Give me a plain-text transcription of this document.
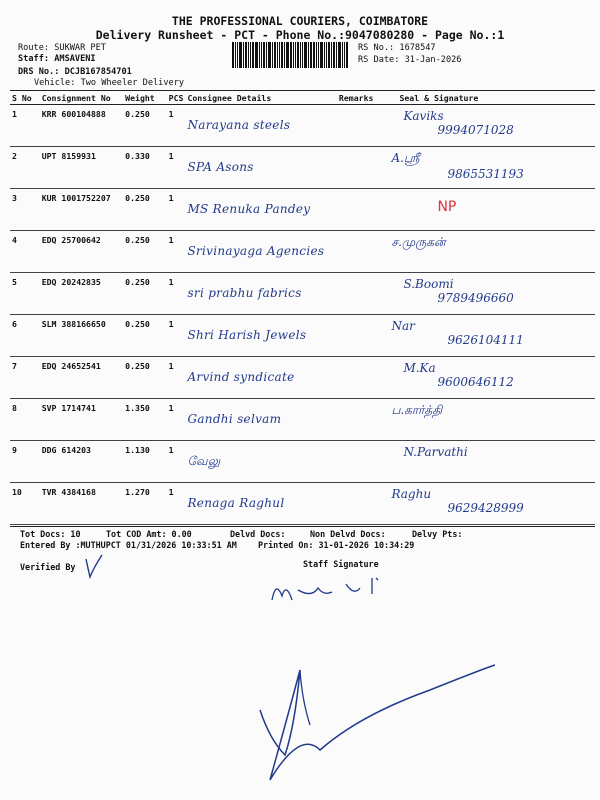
THE PROFESSIONAL COURIERS, COIMBATORE
Delivery Runsheet - PCT - Phone No.:9047080280 - Page No.:1
Route: SUKWAR PET
Staff: AMSAVENI
DRS No.: DCJB167854701
Vehicle: Two Wheeler Delivery
RS No.: 1678547
RS Date: 31-Jan-2026
S No	Consignment No	Weight	PCS	Consignee Details	Remarks	Seal & Signature
1	KRR 600104888	0.250	1	Narayana steels		Kaviks
9994071028

2	UPT 8159931	0.330	1	SPA Asons		A.ஸ்ரீ
9865531193

3	KUR 1001752207	0.250	1	MS Renuka Pandey		NP

4	EDQ 25700642	0.250	1	Srivinayaga Agencies		ச.முருகன்

5	EDQ 20242835	0.250	1	sri prabhu fabrics		S.Boomi
9789496660

6	SLM 388166650	0.250	1	Shri Harish Jewels		Nar
9626104111

7	EDQ 24652541	0.250	1	Arvind syndicate		M.Ka
9600646112

8	SVP 1714741	1.350	1	Gandhi selvam		ப.கார்த்தி

9	DDG 614203	1.130	1	வேலு		N.Parvathi

10	TVR 4384168	1.270	1	Renaga Raghul		Raghu
9629428999
Tot Docs: 10	Tot COD Amt: 0.00	Delvd Docs:	Non Delvd Docs:	Delvy Pts:
Entered By :MUTHUPCT 01/31/2026 10:33:51 AM	Printed On: 31-01-2026 10:34:29
Verified By	Staff Signature
